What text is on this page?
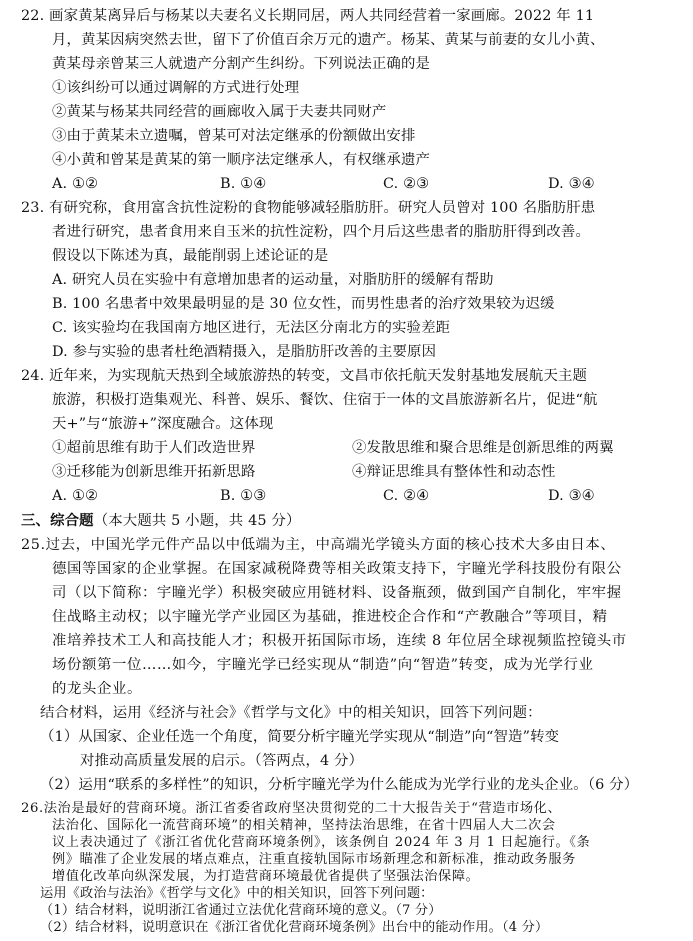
22. 画家黄某离异后与杨某以夫妻名义长期同居，两人共同经营着一家画廊。2022 年 11
月，黄某因病突然去世，留下了价值百余万元的遗产。杨某、黄某与前妻的女儿小黄、
黄某母亲曾某三人就遗产分割产生纠纷。下列说法正确的是
①该纠纷可以通过调解的方式进行处理
②黄某与杨某共同经营的画廊收入属于夫妻共同财产
③由于黄某未立遗嘱，曾某可对法定继承的份额做出安排
④小黄和曾某是黄某的第一顺序法定继承人，有权继承遗产
A. ①②	B. ①④	C. ②③	D. ③④
23. 有研究称，食用富含抗性淀粉的食物能够减轻脂肪肝。研究人员曾对 100 名脂肪肝患
者进行研究，患者食用来自玉米的抗性淀粉，四个月后这些患者的脂肪肝得到改善。
假设以下陈述为真，最能削弱上述论证的是
A. 研究人员在实验中有意增加患者的运动量，对脂肪肝的缓解有帮助
B. 100 名患者中效果最明显的是 30 位女性，而男性患者的治疗效果较为迟缓
C. 该实验均在我国南方地区进行，无法区分南北方的实验差距
D. 参与实验的患者杜绝酒精摄入，是脂肪肝改善的主要原因
24. 近年来，为实现航天热到全域旅游热的转变，文昌市依托航天发射基地发展航天主题
旅游，积极打造集观光、科普、娱乐、餐饮、住宿于一体的文昌旅游新名片，促进“航
天+”与“旅游+”深度融合。这体现
①超前思维有助于人们改造世界	②发散思维和聚合思维是创新思维的两翼
③迁移能为创新思维开拓新思路	④辩证思维具有整体性和动态性
A. ①②	B. ①③	C. ②④	D. ③④
三、综合题（本大题共 5 小题，共 45 分）
25.过去，中国光学元件产品以中低端为主，中高端光学镜头方面的核心技术大多由日本、
德国等国家的企业掌握。在国家减税降费等相关政策支持下，宇瞳光学科技股份有限公
司（以下简称：宇瞳光学）积极突破应用链材料、设备瓶颈，做到国产自制化，牢牢握
住战略主动权；以宇瞳光学产业园区为基础，推进校企合作和“产教融合”等项目，精
准培养技术工人和高技能人才；积极开拓国际市场，连续 8 年位居全球视频监控镜头市
场份额第一位……如今，宇瞳光学已经实现从“制造”向“智造”转变，成为光学行业
的龙头企业。
结合材料，运用《经济与社会》《哲学与文化》中的相关知识，回答下列问题：
（1）从国家、企业任选一个角度，简要分析宇瞳光学实现从“制造”向“智造”转变
对推动高质量发展的启示。（答两点，4 分）
（2）运用“联系的多样性”的知识，分析宇瞳光学为什么能成为光学行业的龙头企业。（6 分）
26.法治是最好的营商环境。浙江省委省政府坚决贯彻党的二十大报告关于“营造市场化、
法治化、国际化一流营商环境”的相关精神，坚持法治思维，在省十四届人大二次会
议上表决通过了《浙江省优化营商环境条例》，该条例自 2024 年 3 月 1 日起施行。《条
例》瞄准了企业发展的堵点难点，注重直接轨国际市场新理念和新标准，推动政务服务
增值化改革向纵深发展，为打造营商环境最优省提供了坚强法治保障。
运用《政治与法治》《哲学与文化》中的相关知识，回答下列问题：
（1）结合材料，说明浙江省通过立法优化营商环境的意义。（7 分）
（2）结合材料，说明意识在《浙江省优化营商环境条例》出台中的能动作用。（4 分）
